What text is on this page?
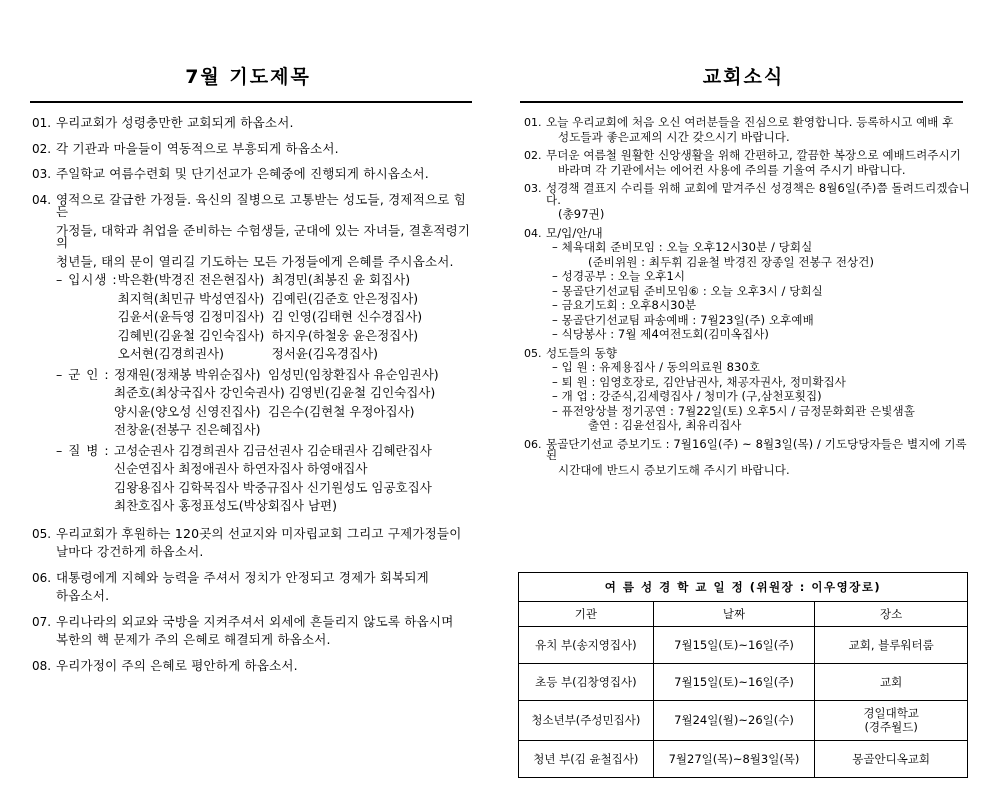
7월 기도제목
01. 우리교회가 성령충만한 교회되게 하옵소서.
02. 각 기관과 마을들이 역동적으로 부흥되게 하옵소서.
03. 주일학교 여름수련회 및 단기선교가 은혜중에 진행되게 하시옵소서.
04. 영적으로 갈급한 가정들. 육신의 질병으로 고통받는 성도들, 경제적으로 힘든
가정들, 대학과 취업을 준비하는 수험생들, 군대에 있는 자녀들, 결혼적령기의
청년들, 태의 문이 열리길 기도하는 모든 가정들에게 은혜를 주시옵소서.
– 입시생 : 박은환(박경진 전은현집사) 최경민(최봉진 윤 회집사)
최지혁(최민규 박성연집사) 김예린(김준호 안은정집사)
김윤서(윤득영 김정미집사) 김 인영(김태현 신수경집사)
김혜빈(김윤철 김인숙집사) 하지우(하철웅 윤은정집사)
오서현(김경희권사)	정서윤(김옥경집사)
– 군 인 : 정재원(정채봉 박위순집사) 임성민(임창환집사 유순임권사)
최준호(최상국집사 강인숙권사) 김영빈(김윤철 김인숙집사)
양시윤(양오성 신영진집사) 김은수(김현철 우정아집사)
전창윤(전봉구 진은혜집사)
– 질 병 : 고성순권사 김경희권사 김금선권사 김순태권사 김혜란집사
신순연집사 최정애권사 하연자집사 하영애집사
김왕용집사 김학목집사 박중규집사 신기원성도 임공호집사
최찬호집사 홍정표성도(박상회집사 남편)
05. 우리교회가 후원하는 120곳의 선교지와 미자립교회 그리고 구제가정들이
날마다 강건하게 하옵소서.
06. 대통령에게 지혜와 능력을 주셔서 정치가 안정되고 경제가 회복되게
하옵소서.
07. 우리나라의 외교와 국방을 지켜주셔서 외세에 흔들리지 않도록 하옵시며
복한의 핵 문제가 주의 은혜로 해결되게 하옵소서.
08. 우리가정이 주의 은혜로 평안하게 하옵소서.
교회소식
01. 오늘 우리교회에 처음 오신 여러분들을 진심으로 환영합니다. 등록하시고 예배 후
성도들과 좋은교제의 시간 갖으시기 바랍니다.
02. 무더운 여름철 원활한 신앙생활을 위해 간편하고, 깔끔한 복장으로 예배드려주시기
바라며 각 기관에서는 에어컨 사용에 주의를 기울여 주시기 바랍니다.
03. 성경책 결표지 수리를 위해 교회에 맡겨주신 성경책은 8월6일(주)쯤 돌려드리겠습니다.
(총97권)
04. 모/입/안/내
– 체육대회 준비모임 : 오늘 오후12시30분 / 당회실
(준비위원 : 최두휘 김윤철 박경진 장종일 전봉구 전상건)
– 성경공부 : 오늘 오후1시
– 몽골단기선교팀 준비모임⑥ : 오늘 오후3시 / 당회실
– 금요기도회 : 오후8시30분
– 몽골단기선교팀 파송예배 : 7월23일(주) 오후예배
– 식당봉사 : 7월 제4여전도회(김미옥집사)
05. 성도들의 동향
– 입 원 : 유제용집사 / 동의의료원 830호
– 퇴 원 : 임영호장로, 김안남권사, 채공자권사, 정미확집사
– 개 업 : 강준식,김세령집사 / 청미가 (구,삼천포횟집)
– 퓨전앙상블 정기공연 : 7월22일(토) 오후5시 / 금정문화회관 은빛샘홀
출연 : 김윤선집사, 최유리집사
06. 몽골단기선교 증보기도 : 7월16일(주) ~ 8월3일(목) / 기도당당자들은 별지에 기록된
시간대에 반드시 증보기도해 주시기 바랍니다.
여 름 성 경 학 교 일 정 (위원장 : 이우영장로)		
기관	날짜	장소
유치 부(송지영집사)	7월15일(토)~16일(주)	교회, 블루워터룸
초등 부(김창영집사)	7월15일(토)~16일(주)	교회
청소년부(주성민집사)	7월24일(월)~26일(수)	경일대학교
(경주월드)

청년 부(김 윤철집사)	7월27일(목)~8월3일(목)	몽골안디옥교회
